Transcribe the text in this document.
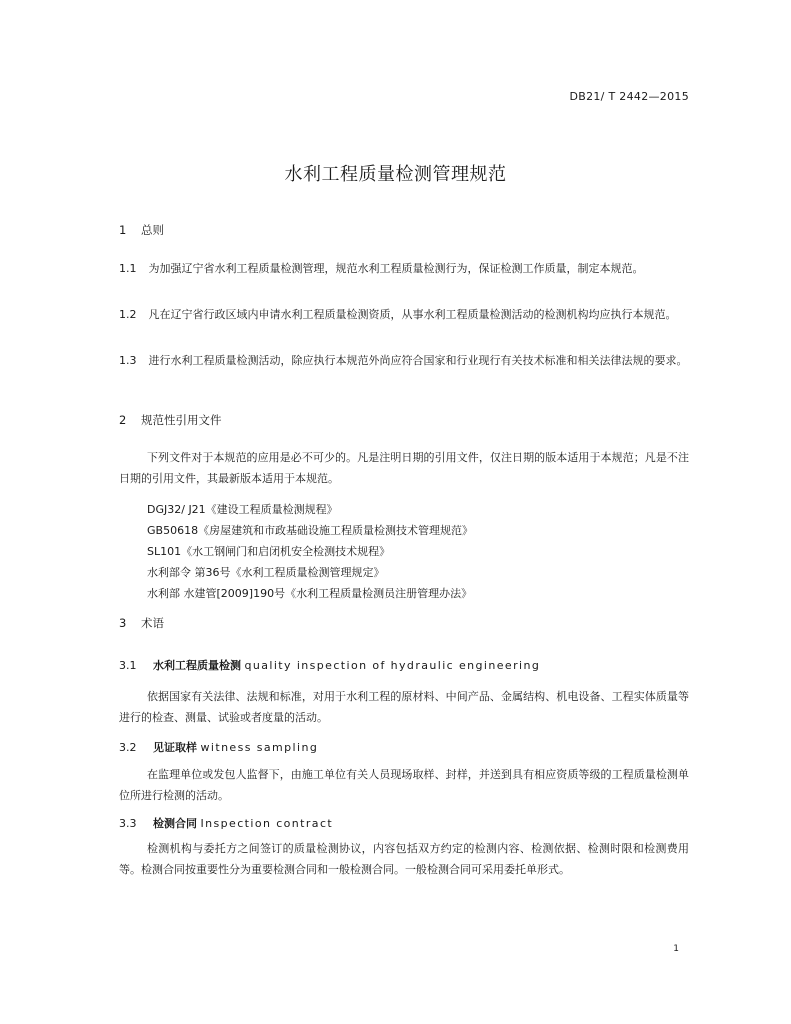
DB21/ T 2442—2015
水利工程质量检测管理规范
1 总则
1.1 为加强辽宁省水利工程质量检测管理，规范水利工程质量检测行为，保证检测工作质量，制定本规范。
1.2 凡在辽宁省行政区域内申请水利工程质量检测资质，从事水利工程质量检测活动的检测机构均应执行本规范。
1.3 进行水利工程质量检测活动，除应执行本规范外尚应符合国家和行业现行有关技术标准和相关法律法规的要求。
2 规范性引用文件
下列文件对于本规范的应用是必不可少的。凡是注明日期的引用文件，仅注日期的版本适用于本规范；凡是不注日期的引用文件，其最新版本适用于本规范。
DGJ32/ J21《建设工程质量检测规程》
GB50618《房屋建筑和市政基础设施工程质量检测技术管理规范》
SL101《水工钢闸门和启闭机安全检测技术规程》
水利部令 第36号《水利工程质量检测管理规定》
水利部 水建管[2009]190号《水利工程质量检测员注册管理办法》
3 术语
3.1 水利工程质量检测 quality inspection of hydraulic engineering
依据国家有关法律、法规和标准，对用于水利工程的原材料、中间产品、金属结构、机电设备、工程实体质量等进行的检查、测量、试验或者度量的活动。
3.2 见证取样 witness sampling
在监理单位或发包人监督下，由施工单位有关人员现场取样、封样，并送到具有相应资质等级的工程质量检测单位所进行检测的活动。
3.3 检测合同 Inspection contract
检测机构与委托方之间签订的质量检测协议，内容包括双方约定的检测内容、检测依据、检测时限和检测费用等。检测合同按重要性分为重要检测合同和一般检测合同。一般检测合同可采用委托单形式。
1
